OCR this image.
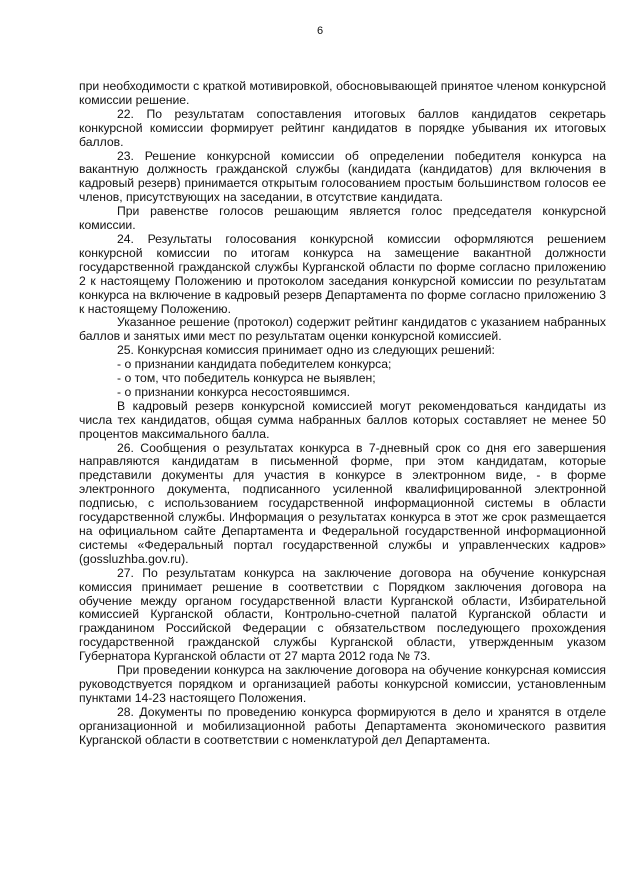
6

при необходимости с краткой мотивировкой, обосновывающей принятое членом конкурсной комиссии решение.

22. По результатам сопоставления итоговых баллов кандидатов секретарь конкурсной комиссии формирует рейтинг кандидатов в порядке убывания их итоговых баллов.

23. Решение конкурсной комиссии об определении победителя конкурса на вакантную должность гражданской службы (кандидата (кандидатов) для включения в кадровый резерв) принимается открытым голосованием простым большинством голосов ее членов, присутствующих на заседании, в отсутствие кандидата.

При равенстве голосов решающим является голос председателя конкурсной комиссии.

24. Результаты голосования конкурсной комиссии оформляются решением конкурсной комиссии по итогам конкурса на замещение вакантной должности государственной гражданской службы Курганской области по форме согласно приложению 2 к настоящему Положению и протоколом заседания конкурсной комиссии по результатам конкурса на включение в кадровый резерв Департамента по форме согласно приложению 3 к настоящему Положению.

Указанное решение (протокол) содержит рейтинг кандидатов с указанием набранных баллов и занятых ими мест по результатам оценки конкурсной комиссией.

25. Конкурсная комиссия принимает одно из следующих решений:

- о признании кандидата победителем конкурса;

- о том, что победитель конкурса не выявлен;

- о признании конкурса несостоявшимся.

В кадровый резерв конкурсной комиссией могут рекомендоваться кандидаты из числа тех кандидатов, общая сумма набранных баллов которых составляет не менее 50 процентов максимального балла.

26. Сообщения о результатах конкурса в 7-дневный срок со дня его завершения направляются кандидатам в письменной форме, при этом кандидатам, которые представили документы для участия в конкурсе в электронном виде, - в форме электронного документа, подписанного усиленной квалифицированной электронной подписью, с использованием государственной информационной системы в области государственной службы. Информация о результатах конкурса в этот же срок размещается на официальном сайте Департамента и Федеральной государственной информационной системы «Федеральный портал государственной службы и управленческих кадров» (gossluzhba.gov.ru).

27. По результатам конкурса на заключение договора на обучение конкурсная комиссия принимает решение в соответствии с Порядком заключения договора на обучение между органом государственной власти Курганской области, Избирательной комиссией Курганской области, Контрольно-счетной палатой Курганской области и гражданином Российской Федерации с обязательством последующего прохождения государственной гражданской службы Курганской области, утвержденным указом Губернатора Курганской области от 27 марта 2012 года № 73.

При проведении конкурса на заключение договора на обучение конкурсная комиссия руководствуется порядком и организацией работы конкурсной комиссии, установленным пунктами 14-23 настоящего Положения.

28. Документы по проведению конкурса формируются в дело и хранятся в отделе организационной и мобилизационной работы Департамента экономического развития Курганской области в соответствии с номенклатурой дел Департамента.
